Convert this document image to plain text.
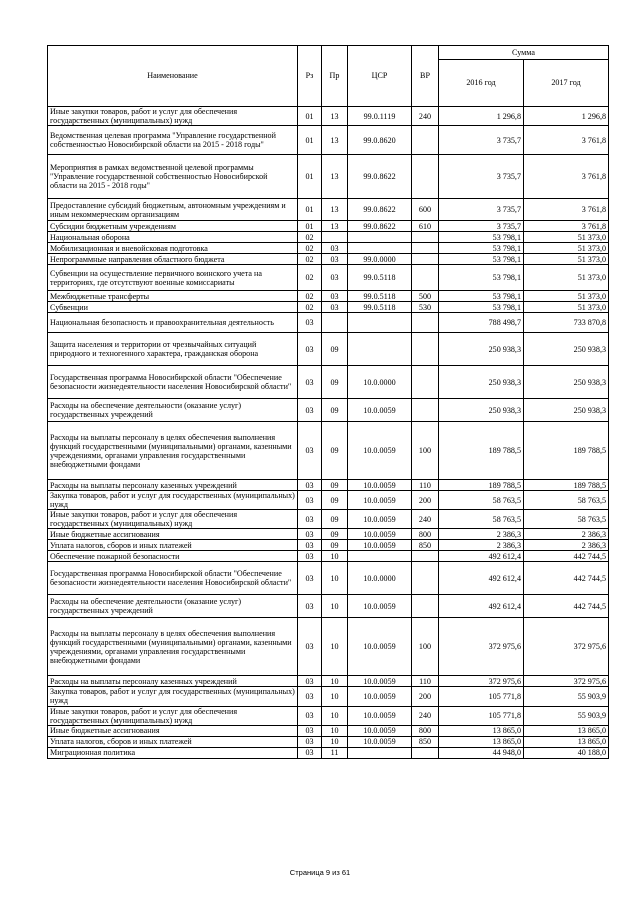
Наименование	Рз	Пр	ЦСР	ВР	Сумма	
					2016 год	2017 год
Иные закупки товаров, работ и услуг для обеспечения государственных (муниципальных) нужд	01	13	99.0.1119	240	1 296,8	1 296,8
Ведомственная целевая программа "Управление государственной собственностью Новосибирской области на 2015 - 2018 годы"	01	13	99.0.8620		3 735,7	3 761,8
Мероприятия в рамках ведомственной целевой программы "Управление государственной собственностью Новосибирской области на 2015 - 2018 годы"	01	13	99.0.8622		3 735,7	3 761,8
Предоставление субсидий бюджетным, автономным учреждениям и иным некоммерческим организациям	01	13	99.0.8622	600	3 735,7	3 761,8
Субсидии бюджетным учреждениям	01	13	99.0.8622	610	3 735,7	3 761,8
Национальная оборона	02				53 798,1	51 373,0
Мобилизационная и вневойсковая подготовка	02	03			53 798,1	51 373,0
Непрограммные направления областного бюджета	02	03	99.0.0000		53 798,1	51 373,0
Субвенции на осуществление первичного воинского учета на территориях, где отсутствуют военные комиссариаты	02	03	99.0.5118		53 798,1	51 373,0
Межбюджетные трансферты	02	03	99.0.5118	500	53 798,1	51 373,0
Субвенции	02	03	99.0.5118	530	53 798,1	51 373,0
Национальная безопасность и правоохранительная деятельность	03				788 498,7	733 870,8
Защита населения и территории от чрезвычайных ситуаций природного и техногенного характера, гражданская оборона	03	09			250 938,3	250 938,3
Государственная программа Новосибирской области "Обеспечение безопасности жизнедеятельности населения Новосибирской области"	03	09	10.0.0000		250 938,3	250 938,3
Расходы на обеспечение деятельности (оказание услуг) государственных учреждений	03	09	10.0.0059		250 938,3	250 938,3
Расходы на выплаты персоналу в целях обеспечения выполнения функций государственными (муниципальными) органами, казенными учреждениями, органами управления государственными внебюджетными фондами	03	09	10.0.0059	100	189 788,5	189 788,5
Расходы на выплаты персоналу казенных учреждений	03	09	10.0.0059	110	189 788,5	189 788,5
Закупка товаров, работ и услуг для государственных (муниципальных) нужд	03	09	10.0.0059	200	58 763,5	58 763,5
Иные закупки товаров, работ и услуг для обеспечения государственных (муниципальных) нужд	03	09	10.0.0059	240	58 763,5	58 763,5
Иные бюджетные ассигнования	03	09	10.0.0059	800	2 386,3	2 386,3
Уплата налогов, сборов и иных платежей	03	09	10.0.0059	850	2 386,3	2 386,3
Обеспечение пожарной безопасности	03	10			492 612,4	442 744,5
Государственная программа Новосибирской области "Обеспечение безопасности жизнедеятельности населения Новосибирской области"	03	10	10.0.0000		492 612,4	442 744,5
Расходы на обеспечение деятельности (оказание услуг) государственных учреждений	03	10	10.0.0059		492 612,4	442 744,5
Расходы на выплаты персоналу в целях обеспечения выполнения функций государственными (муниципальными) органами, казенными учреждениями, органами управления государственными внебюджетными фондами	03	10	10.0.0059	100	372 975,6	372 975,6
Расходы на выплаты персоналу казенных учреждений	03	10	10.0.0059	110	372 975,6	372 975,6
Закупка товаров, работ и услуг для государственных (муниципальных) нужд	03	10	10.0.0059	200	105 771,8	55 903,9
Иные закупки товаров, работ и услуг для обеспечения государственных (муниципальных) нужд	03	10	10.0.0059	240	105 771,8	55 903,9
Иные бюджетные ассигнования	03	10	10.0.0059	800	13 865,0	13 865,0
Уплата налогов, сборов и иных платежей	03	10	10.0.0059	850	13 865,0	13 865,0
Миграционная политика	03	11			44 948,0	40 188,0
Страница 9 из 61
